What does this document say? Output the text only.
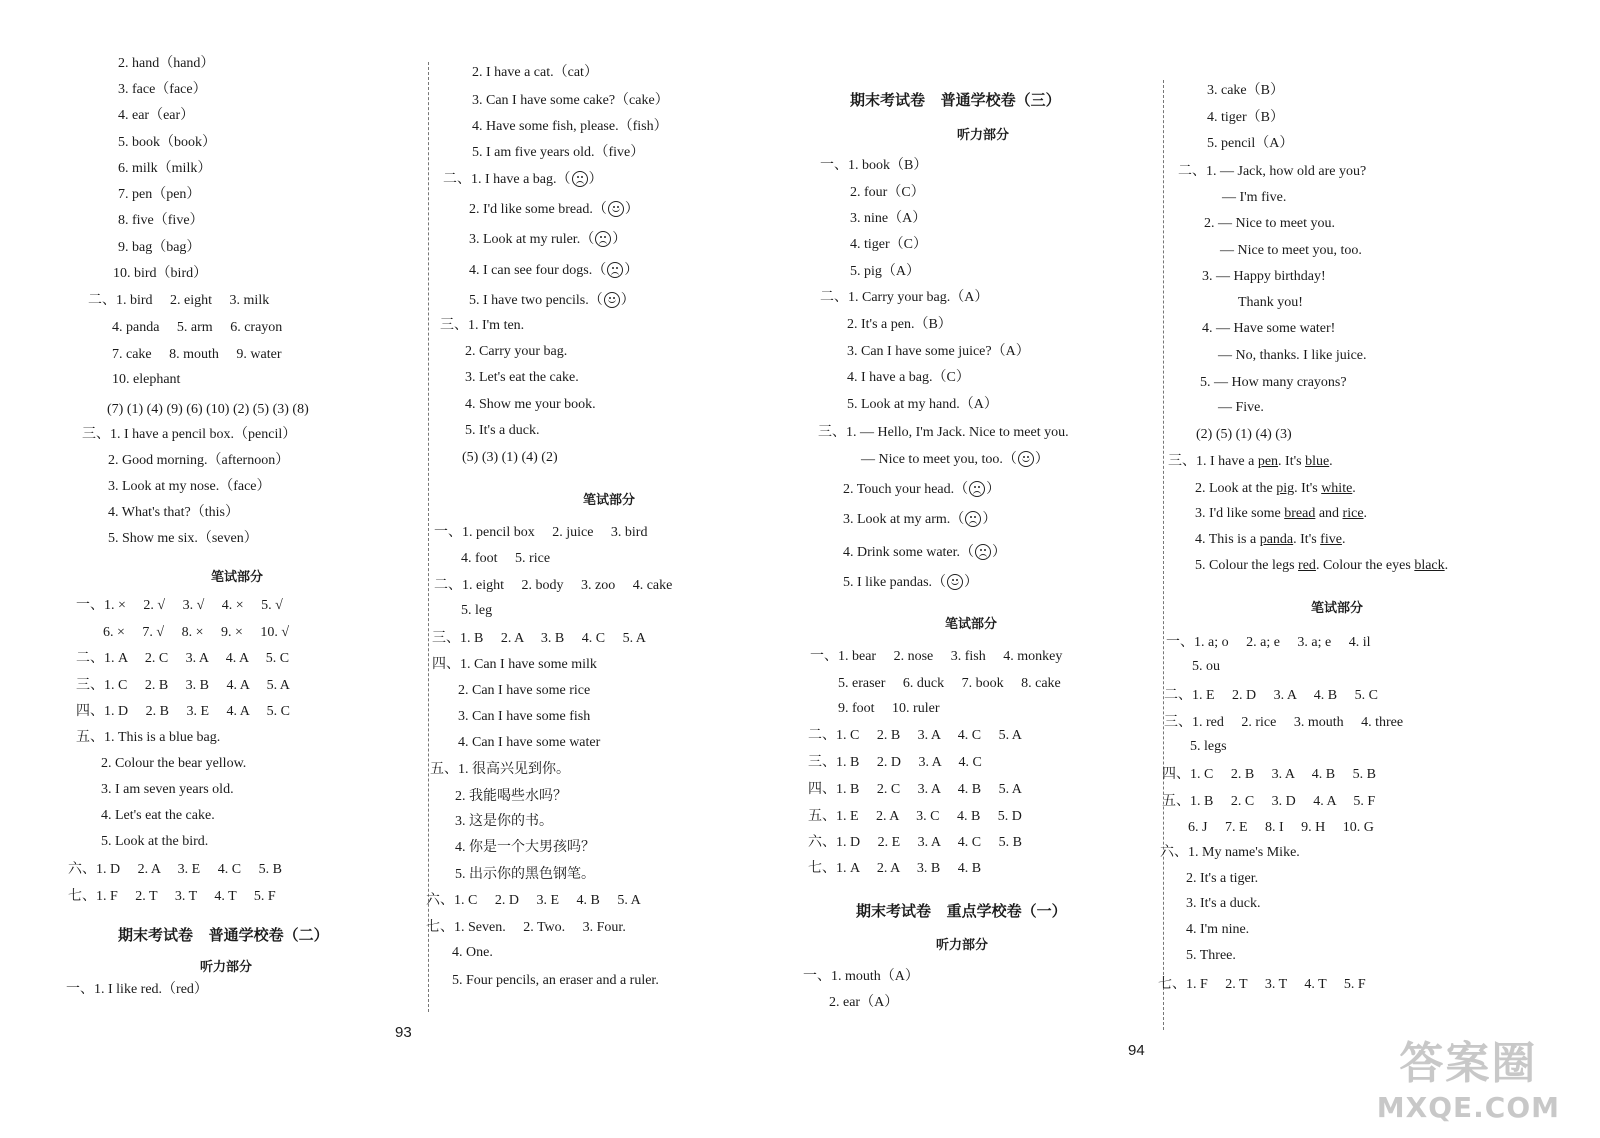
2. hand（hand）
3. face（face）
4. ear（ear）
5. book（book）
6. milk（milk）
7. pen（pen）
8. five（five）
9. bag（bag）
10. bird（bird）
二、1. bird     2. eight     3. milk
4. panda     5. arm     6. crayon
7. cake     8. mouth     9. water
10. elephant
(7) (1) (4) (9) (6) (10) (2) (5) (3) (8)
三、1. I have a pencil box.（pencil）
2. Good morning.（afternoon）
3. Look at my nose.（face）
4. What's that?（this）
5. Show me six.（seven）
笔试部分
一、1. ×     2. √     3. √     4. ×     5. √
6. ×     7. √     8. ×     9. ×     10. √
二、1. A     2. C     3. A     4. A     5. C
三、1. C     2. B     3. B     4. A     5. A
四、1. D     2. B     3. E     4. A     5. C
五、1. This is a blue bag.
2. Colour the bear yellow.
3. I am seven years old.
4. Let's eat the cake.
5. Look at the bird.
六、1. D     2. A     3. E     4. C     5. B
七、1. F     2. T     3. T     4. T     5. F
期末考试卷   普通学校卷（二）
听力部分
一、1. I like red.（red）
2. I have a cat.（cat）
3. Can I have some cake?（cake）
4. Have some fish, please.（fish）
5. I am five years old.（five）
二、1. I have a bag.（ ）
2. I'd like some bread.（ ）
3. Look at my ruler.（ ）
4. I can see four dogs.（ ）
5. I have two pencils.（ ）
三、1. I'm ten.
2. Carry your bag.
3. Let's eat the cake.
4. Show me your book.
5. It's a duck.
(5) (3) (1) (4) (2)
笔试部分
一、1. pencil box     2. juice     3. bird
4. foot     5. rice
二、1. eight     2. body     3. zoo     4. cake
5. leg
三、1. B     2. A     3. B     4. C     5. A
四、1. Can I have some milk
2. Can I have some rice
3. Can I have some fish
4. Can I have some water
五、1. 很高兴见到你。
2. 我能喝些水吗？
3. 这是你的书。
4. 你是一个大男孩吗？
5. 出示你的黑色钢笔。
六、1. C     2. D     3. E     4. B     5. A
七、1. Seven.     2. Two.     3. Four.
4. One.
5. Four pencils, an eraser and a ruler.
93
期末考试卷   普通学校卷（三）
听力部分
一、1. book（B）
2. four（C）
3. nine（A）
4. tiger（C）
5. pig（A）
二、1. Carry your bag.（A）
2. It's a pen.（B）
3. Can I have some juice?（A）
4. I have a bag.（C）
5. Look at my hand.（A）
三、1. — Hello, I'm Jack. Nice to meet you.
— Nice to meet you, too.（ ）
2. Touch your head.（ ）
3. Look at my arm.（ ）
4. Drink some water.（ ）
5. I like pandas.（ ）
笔试部分
一、1. bear     2. nose     3. fish     4. monkey
5. eraser     6. duck     7. book     8. cake
9. foot     10. ruler
二、1. C     2. B     3. A     4. C     5. A
三、1. B     2. D     3. A     4. C
四、1. B     2. C     3. A     4. B     5. A
五、1. E     2. A     3. C     4. B     5. D
六、1. D     2. E     3. A     4. C     5. B
七、1. A     2. A     3. B     4. B
期末考试卷   重点学校卷（一）
听力部分
一、1. mouth（A）
2. ear（A）
3. cake（B）
4. tiger（B）
5. pencil（A）
二、1. — Jack, how old are you?
— I'm five.
2. — Nice to meet you.
— Nice to meet you, too.
3. — Happy birthday!
Thank you!
4. — Have some water!
— No, thanks. I like juice.
5. — How many crayons?
— Five.
(2) (5) (1) (4) (3)
三、1. I have a pen. It's blue.
2. Look at the pig. It's white.
3. I'd like some bread and rice.
4. This is a panda. It's five.
5. Colour the legs red. Colour the eyes black.
笔试部分
一、1. a; o     2. a; e     3. a; e     4. il
5. ou
二、1. E     2. D     3. A     4. B     5. C
三、1. red     2. rice     3. mouth     4. three
5. legs
四、1. C     2. B     3. A     4. B     5. B
五、1. B     2. C     3. D     4. A     5. F
6. J     7. E     8. I     9. H     10. G
六、1. My name's Mike.
2. It's a tiger.
3. It's a duck.
4. I'm nine.
5. Three.
七、1. F     2. T     3. T     4. T     5. F
94	答案圈
MXQE.COM
